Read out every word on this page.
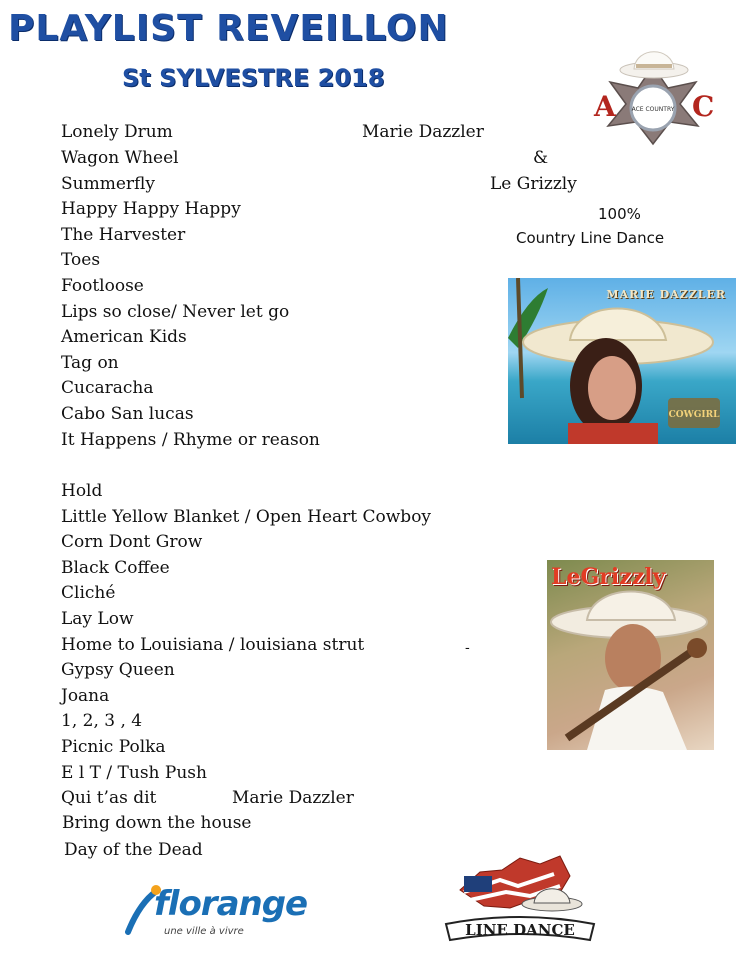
PLAYLIST REVEILLON
St SYLVESTRE 2018
A	C
ACE COUNTRY
Lonely Drum
Wagon Wheel
Summerfly
Happy Happy Happy
The Harvester
Toes
Footloose
Lips so close/ Never let go
American Kids
Tag on
Cucaracha
Cabo San lucas
It Happens / Rhyme or reason
Hold
Little Yellow Blanket / Open Heart Cowboy
Corn Dont Grow
Black Coffee
Cliché
Lay Low
Home to Louisiana / louisiana strut
Gypsy Queen
Joana
1, 2, 3 , 4
Picnic Polka
E l T / Tush Push
Qui t’as dit
Bring down the house
Day of the Dead
Marie Dazzler
&
Le Grizzly
100%
Country Line Dance
Marie Dazzler
-
COWGIRL
MARIE DAZZLER
LeGrizzly
florange
une ville à vivre	LINE DANCE
